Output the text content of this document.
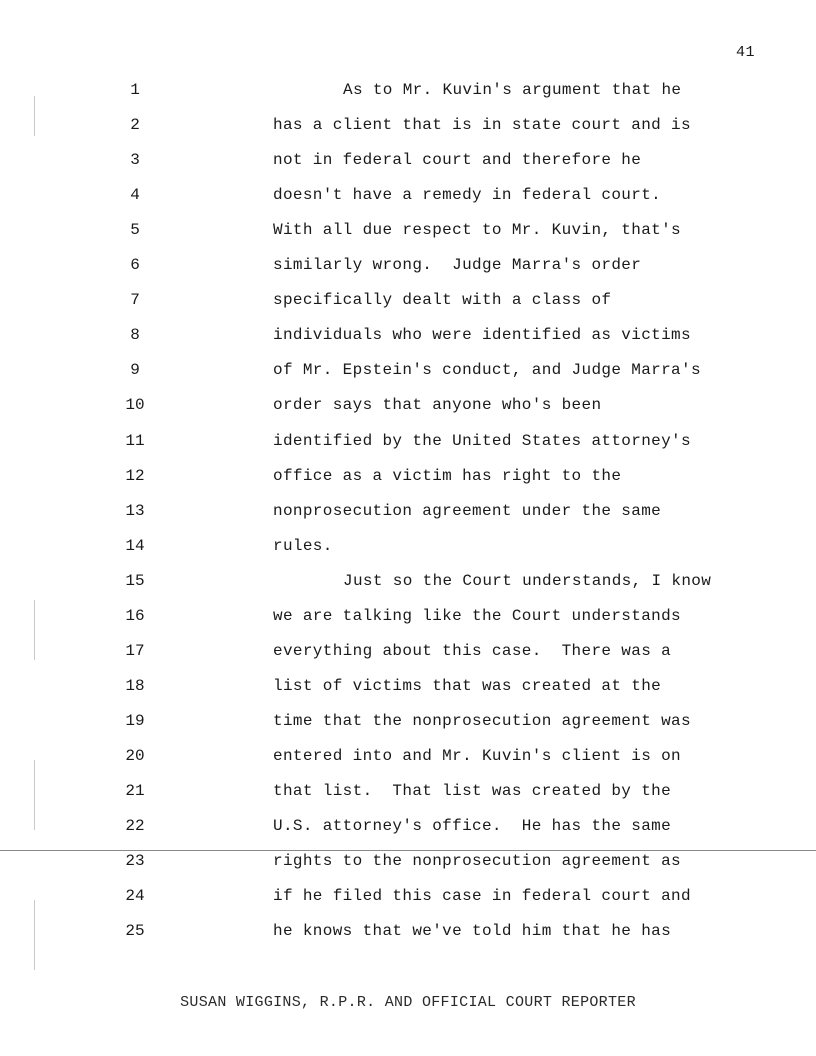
41
1	As to Mr. Kuvin's argument that he
2	has a client that is in state court and is
3	not in federal court and therefore he
4	doesn't have a remedy in federal court.
5	With all due respect to Mr. Kuvin, that's
6	similarly wrong.  Judge Marra's order
7	specifically dealt with a class of
8	individuals who were identified as victims
9	of Mr. Epstein's conduct, and Judge Marra's
10	order says that anyone who's been
11	identified by the United States attorney's
12	office as a victim has right to the
13	nonprosecution agreement under the same
14	rules.
15	Just so the Court understands, I know
16	we are talking like the Court understands
17	everything about this case.  There was a
18	list of victims that was created at the
19	time that the nonprosecution agreement was
20	entered into and Mr. Kuvin's client is on
21	that list.  That list was created by the
22	U.S. attorney's office.  He has the same
23	rights to the nonprosecution agreement as
24	if he filed this case in federal court and
25	he knows that we've told him that he has
SUSAN WIGGINS, R.P.R. AND OFFICIAL COURT REPORTER
